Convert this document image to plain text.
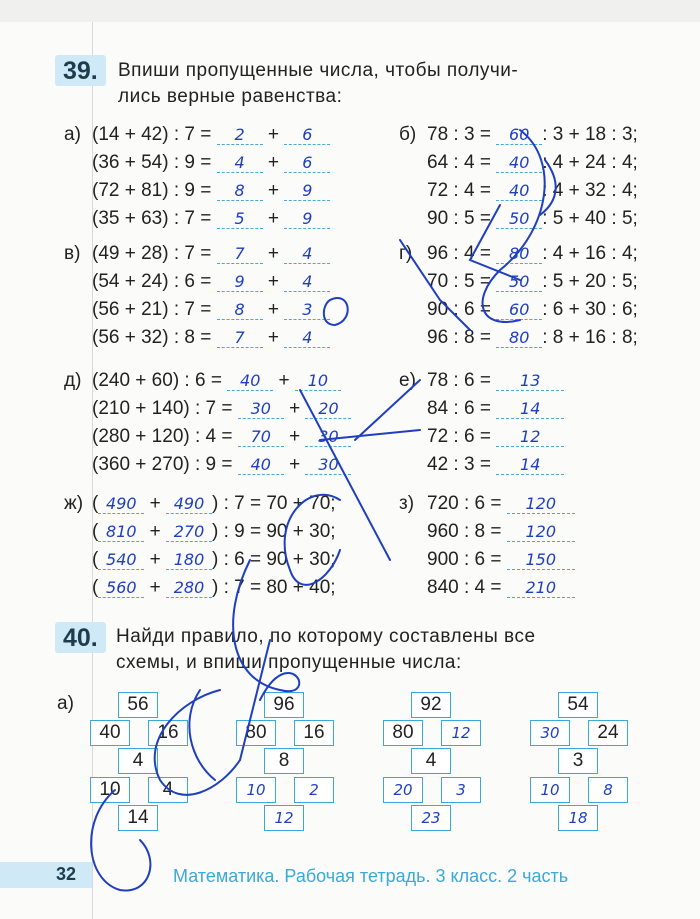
39.	Впиши пропущенные числа, чтобы получи-
лись верные равенства:
а) (14 + 42) : 7 = 2 + 6
(36 + 54) : 9 = 4 + 6
(72 + 81) : 9 = 8 + 9
(35 + 63) : 7 = 5 + 9
б) 78 : 3 = 60 : 3 + 18 : 3;
64 : 4 = 40 : 4 + 24 : 4;
72 : 4 = 40 : 4 + 32 : 4;
90 : 5 = 50 : 5 + 40 : 5;
в) (49 + 28) : 7 = 7 + 4
(54 + 24) : 6 = 9 + 4
(56 + 21) : 7 = 8 + 3
(56 + 32) : 8 = 7 + 4
г) 96 : 4 = 80 : 4 + 16 : 4;
70 : 5 = 50 : 5 + 20 : 5;
90 : 6 = 60 : 6 + 30 : 6;
96 : 8 = 80 : 8 + 16 : 8;
д) (240 + 60) : 6 = 40 + 10
(210 + 140) : 7 = 30 + 20
(280 + 120) : 4 = 70 + 30
(360 + 270) : 9 = 40 + 30
е) 78 : 6 = 13
84 : 6 = 14
72 : 6 = 12
42 : 3 = 14
ж) ( 490 + 490 ) : 7 = 70 + 70;
( 810 + 270 ) : 9 = 90 + 30;
( 540 + 180 ) : 6 = 90 + 30;
( 560 + 280 ) : 7 = 80 + 40;
з) 720 : 6 = 120
960 : 8 = 120
900 : 6 = 150
840 : 4 = 210
40. Найди правило, по которому составлены все
схемы, и впиши пропущенные числа:
а)	56
40	16
4
10	4
14
96
80	16
8
10	2
12
92
80	12
4
20	3
23
54
30	24
3
10	8
18
32	Математика. Рабочая тетрадь. 3 класс. 2 часть
